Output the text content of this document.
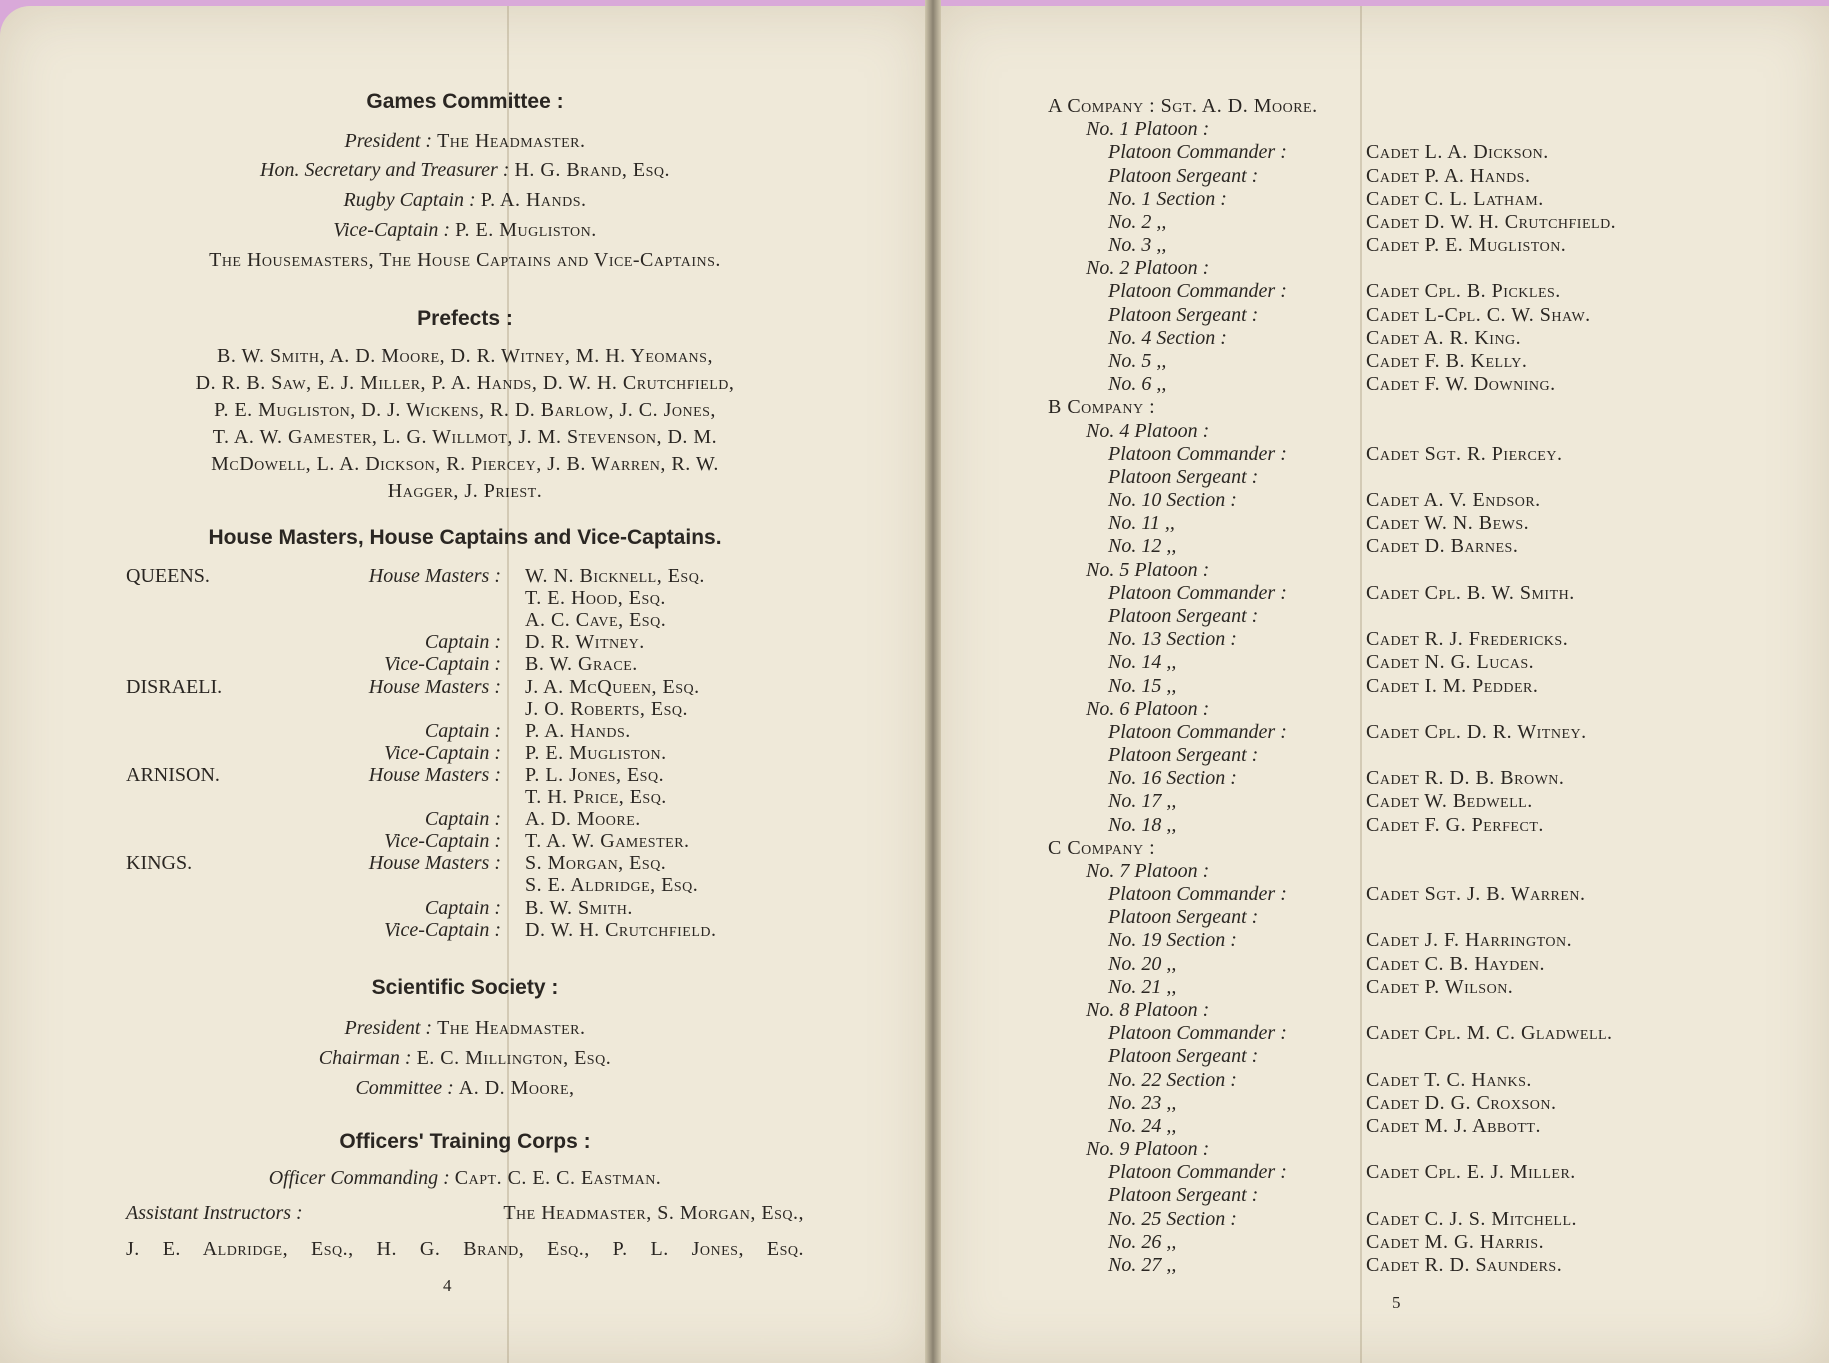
Games Committee :
President : The Headmaster.
Hon. Secretary and Treasurer : H. G. Brand, Esq.
Rugby Captain : P. A. Hands.
Vice-Captain : P. E. Mugliston.
The Housemasters, The House Captains and Vice-Captains.
Prefects :
B. W. Smith, A. D. Moore, D. R. Witney, M. H. Yeomans,
D. R. B. Saw, E. J. Miller, P. A. Hands, D. W. H. Crutchfield,
P. E. Mugliston, D. J. Wickens, R. D. Barlow, J. C. Jones,
T. A. W. Gamester, L. G. Willmot, J. M. Stevenson, D. M.
McDowell, L. A. Dickson, R. Piercey, J. B. Warren, R. W.
Hagger, J. Priest.
House Masters, House Captains and Vice-Captains.
QUEENS.	House Masters : W. N. Bicknell, Esq.
T. E. Hood, Esq.
A. C. Cave, Esq.
Captain : D. R. Witney.
Vice-Captain : B. W. Grace.
DISRAELI.	House Masters : J. A. McQueen, Esq.
J. O. Roberts, Esq.
Captain : P. A. Hands.
Vice-Captain : P. E. Mugliston.
ARNISON.	House Masters : P. L. Jones, Esq.
T. H. Price, Esq.
Captain : A. D. Moore.
Vice-Captain : T. A. W. Gamester.
KINGS.	House Masters : S. Morgan, Esq.
S. E. Aldridge, Esq.
Captain : B. W. Smith.
Vice-Captain : D. W. H. Crutchfield.
Scientific Society :
President : The Headmaster.
Chairman : E. C. Millington, Esq.
Committee : A. D. Moore,
Officers' Training Corps :
Officer Commanding : Capt. C. E. C. Eastman.
Assistant Instructors :	The Headmaster, S. Morgan, Esq.,
J. E. Aldridge, Esq., H. G. Brand, Esq., P. L. Jones, Esq.
4
A Company : Sgt. A. D. Moore.
No. 1 Platoon :
Platoon Commander :	Cadet L. A. Dickson.
Platoon Sergeant :	Cadet P. A. Hands.
No. 1 Section :	Cadet C. L. Latham.
No. 2 ,,	Cadet D. W. H. Crutchfield.
No. 3 ,,	Cadet P. E. Mugliston.
No. 2 Platoon :
Platoon Commander :	Cadet Cpl. B. Pickles.
Platoon Sergeant :	Cadet L-Cpl. C. W. Shaw.
No. 4 Section :	Cadet A. R. King.
No. 5 ,,	Cadet F. B. Kelly.
No. 6 ,,	Cadet F. W. Downing.
B Company :
No. 4 Platoon :
Platoon Commander :	Cadet Sgt. R. Piercey.
Platoon Sergeant :
No. 10 Section :	Cadet A. V. Endsor.
No. 11 ,,	Cadet W. N. Bews.
No. 12 ,,	Cadet D. Barnes.
No. 5 Platoon :
Platoon Commander :	Cadet Cpl. B. W. Smith.
Platoon Sergeant :
No. 13 Section :	Cadet R. J. Fredericks.
No. 14 ,,	Cadet N. G. Lucas.
No. 15 ,,	Cadet I. M. Pedder.
No. 6 Platoon :
Platoon Commander :	Cadet Cpl. D. R. Witney.
Platoon Sergeant :
No. 16 Section :	Cadet R. D. B. Brown.
No. 17 ,,	Cadet W. Bedwell.
No. 18 ,,	Cadet F. G. Perfect.
C Company :
No. 7 Platoon :
Platoon Commander :	Cadet Sgt. J. B. Warren.
Platoon Sergeant :
No. 19 Section :	Cadet J. F. Harrington.
No. 20 ,,	Cadet C. B. Hayden.
No. 21 ,,	Cadet P. Wilson.
No. 8 Platoon :
Platoon Commander :	Cadet Cpl. M. C. Gladwell.
Platoon Sergeant :
No. 22 Section :	Cadet T. C. Hanks.
No. 23 ,,	Cadet D. G. Croxson.
No. 24 ,,	Cadet M. J. Abbott.
No. 9 Platoon :
Platoon Commander :	Cadet Cpl. E. J. Miller.
Platoon Sergeant :
No. 25 Section :	Cadet C. J. S. Mitchell.
No. 26 ,,	Cadet M. G. Harris.
No. 27 ,,	Cadet R. D. Saunders.
5
